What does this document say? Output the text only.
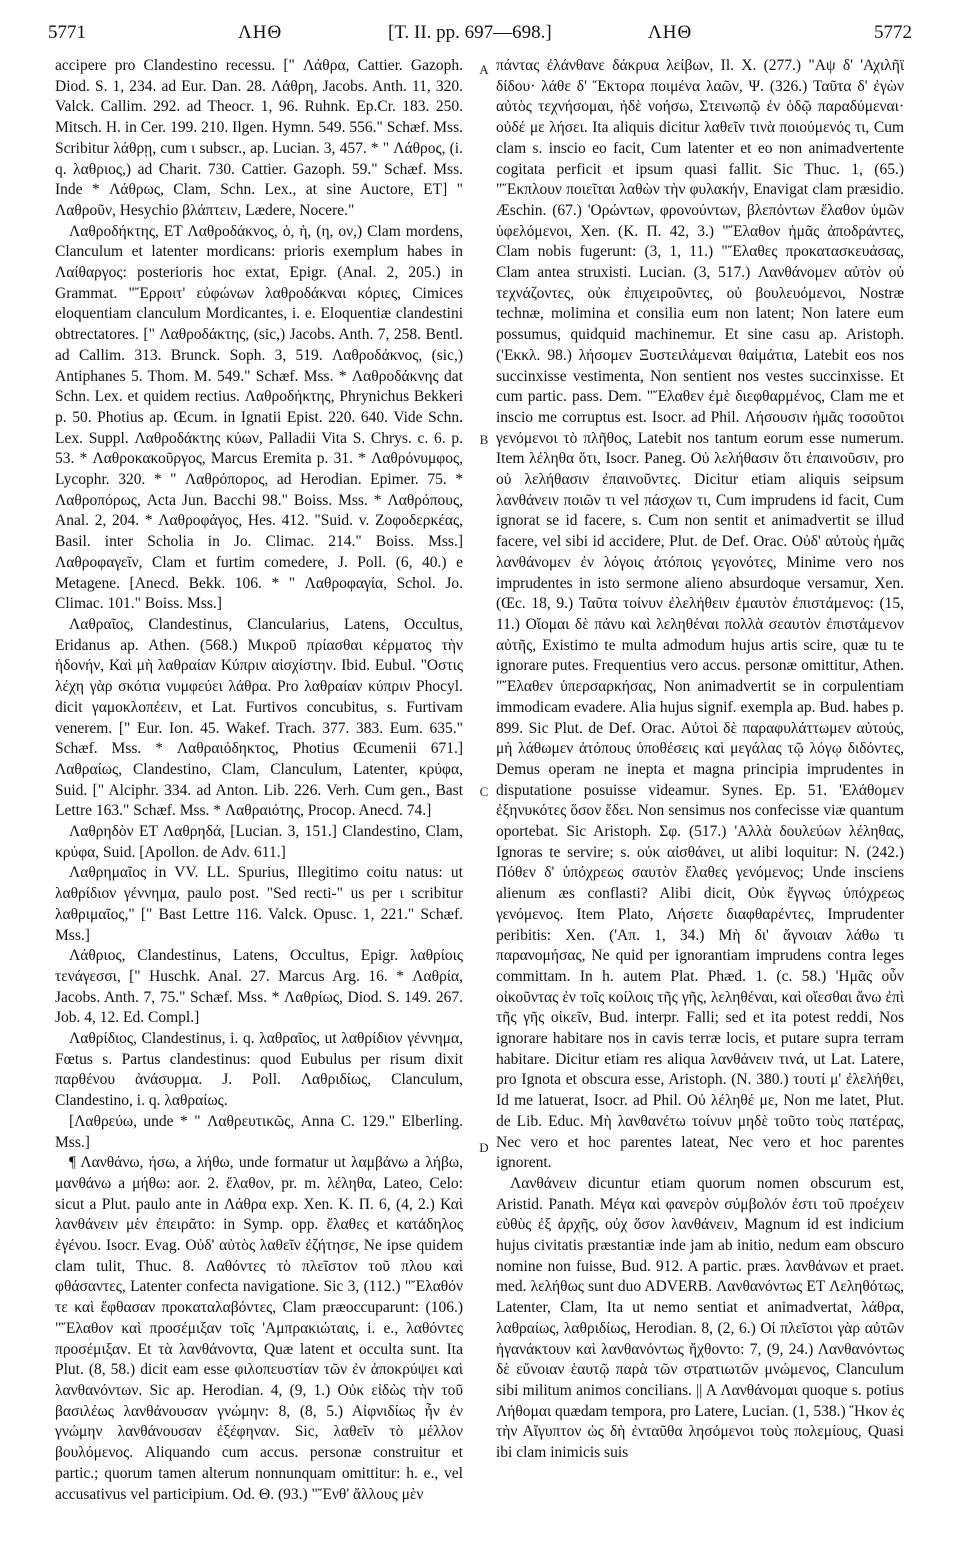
5771	ΛΗΘ	[T. II. pp. 697—698.]	ΛΗΘ	5772

accipere pro Clandestino recessu. [" Λάθρα, Cattier. Gazoph. Diod. S. 1, 234. ad Eur. Dan. 28. Λάθρη, Jacobs. Anth. 11, 320. Valck. Callim. 292. ad Theocr. 1, 96. Ruhnk. Ep.Cr. 183. 250. Mitsch. H. in Cer. 199. 210. Ilgen. Hymn. 549. 556." Schæf. Mss. Scribitur λάθρῃ, cum ι subscr., ap. Lucian. 3, 457. * " Λάθρος, (i. q. λαθριος,) ad Charit. 730. Cattier. Gazoph. 59." Schæf. Mss. Inde * Λάθρως, Clam, Schn. Lex., at sine Auctore, ET] " Λαθροῦν, Hesychio βλάπτειν, Lædere, Nocere."

Λαθροδήκτης, ET Λαθροδάκνος, ὁ, ἡ, (η, ον,) Clam mordens, Clanculum et latenter mordicans: prioris exemplum habes in Λαίθαργος: posterioris hoc extat, Epigr. (Anal. 2, 205.) in Grammat. "Ἔρροιτ' εὐφώνων λαθροδάκναι κόριες, Cimices eloquentiam clanculum Mordicantes, i. e. Eloquentiæ clandestini obtrectatores. [" Λαθροδάκτης, (sic,) Jacobs. Anth. 7, 258. Bentl. ad Callim. 313. Brunck. Soph. 3, 519. Λαθροδάκνος, (sic,) Antiphanes 5. Thom. M. 549." Schæf. Mss. * Λαθροδάκνης dat Schn. Lex. et quidem rectius. Λαθροδήκτης, Phrynichus Bekkeri p. 50. Photius ap. Œcum. in Ignatii Epist. 220. 640. Vide Schn. Lex. Suppl. Λαθροδάκτης κύων, Palladii Vita S. Chrys. c. 6. p. 53. * Λαθροκακοῦργος, Marcus Eremita p. 31. * Λαθρόνυμφος, Lycophr. 320. * " Λαθρόπορος, ad Herodian. Epimer. 75. * Λαθροπόρως, Acta Jun. Bacchi 98." Boiss. Mss. * Λαθρόπους, Anal. 2, 204. * Λαθροφάγος, Hes. 412. "Suid. v. Ζοφοδερκέας, Basil. inter Scholia in Jo. Climac. 214." Boiss. Mss.] Λαθροφαγεῖν, Clam et furtim comedere, J. Poll. (6, 40.) e Metagene. [Anecd. Bekk. 106. * " Λαθροφαγία, Schol. Jo. Climac. 101." Boiss. Mss.]

Λαθραῖος, Clandestinus, Clancularius, Latens, Occultus, Eridanus ap. Athen. (568.) Μικροῦ πρίασθαι κέρματος τὴν ἡδονήν, Καὶ μὴ λαθραίαν Κύπριν αἰσχίστην. Ibid. Eubul. "Οστις λέχη γὰρ σκότια νυμφεύει λάθρα. Pro λαθραίαν κύπριν Phocyl. dicit γαμοκλοπέειν, et Lat. Furtivos concubitus, s. Furtivam venerem. [" Eur. Ion. 45. Wakef. Trach. 377. 383. Eum. 635." Schæf. Mss. * Λαθραιόδηκτος, Photius Œcumenii 671.] Λαθραίως, Clandestino, Clam, Clanculum, Latenter, κρύφα, Suid. [" Alciphr. 334. ad Anton. Lib. 226. Verh. Cum gen., Bast Lettre 163." Schæf. Mss. * Λαθραιότης, Procop. Anecd. 74.]

Λαθρηδὸν ET Λαθρηδά, [Lucian. 3, 151.] Clandestino, Clam, κρύφα, Suid. [Apollon. de Adv. 611.]

Λαθρημαῖος in VV. LL. Spurius, Illegitimo coitu natus: ut λαθρίδιον γέννημα, paulo post. "Sed recti-" us per ι scribitur λαθριμαῖος," [" Bast Lettre 116. Valck. Opusc. 1, 221." Schæf. Mss.]

Λάθριος, Clandestinus, Latens, Occultus, Epigr. λαθρίοις τενάγεσσι, [" Huschk. Anal. 27. Marcus Arg. 16. * Λαθρία, Jacobs. Anth. 7, 75." Schæf. Mss. * Λαθρίως, Diod. S. 149. 267. Job. 4, 12. Ed. Compl.]

Λαθρίδιος, Clandestinus, i. q. λαθραῖος, ut λαθρίδιον γέννημα, Fœtus s. Partus clandestinus: quod Eubulus per risum dixit παρθένου ἀνάσυρμα. J. Poll. Λαθριδίως, Clanculum, Clandestino, i. q. λαθραίως.

[Λαθρεύω, unde * " Λαθρευτικῶς, Anna C. 129." Elberling. Mss.]

¶ Λανθάνω, ήσω, a λήθω, unde formatur ut λαμβάνω a λήβω, μανθάνω a μήθω: aor. 2. ἔλαθον, pr. m. λέληθα, Lateo, Celo: sicut a Plut. paulo ante in Λάθρα exp. Xen. K. Π. 6, (4, 2.) Καὶ λανθάνειν μὲν ἐπειρᾶτο: in Symp. opp. ἔλαθες et κατάδηλος ἐγένου. Isocr. Evag. Οὐδ' αὐτὸς λαθεῖν ἐζήτησε, Ne ipse quidem clam tulit, Thuc. 8. Λαθόντες τὸ πλεῖστον τοῦ πλου καὶ φθάσαντες, Latenter confecta navigatione. Sic 3, (112.) "Ἔλαθόν τε καὶ ἔφθασαν προκαταλαβόντες, Clam præoccuparunt: (106.) "Ἔλαθον καὶ προσέμιξαν τοῖς 'Αμπρακιώταις, i. e., λαθόντες προσέμιξαν. Et τὰ λανθάνοντα, Quæ latent et occulta sunt. Ita Plut. (8, 58.) dicit eam esse φιλοπευστίαν τῶν ἐν ἀποκρύψει καὶ λανθανόντων. Sic ap. Herodian. 4, (9, 1.) Οὐκ εἰδὼς τὴν τοῦ βασιλέως λανθάνουσαν γνώμην: 8, (8, 5.) Αἰφνιδίως ἦν ἐν γνώμην λανθάνουσαν ἐξέφηναν. Sic, λαθεῖν τὸ μέλλον βουλόμενος. Aliquando cum accus. personæ construitur et partic.; quorum tamen alterum nonnunquam omittitur: h. e., vel accusativus vel participium. Od. Θ. (93.) "Ἔνθ' ἄλλους μὲν

A
B
C
D

πάντας ἐλάνθανε δάκρυα λείβων, Il. X. (277.) "Αψ δ' 'Αχιλῆϊ δίδου· λάθε δ' Ἕκτορα ποιμένα λαῶν, Ψ. (326.) Ταῦτα δ' ἐγὼν αὐτὸς τεχνήσομαι, ἠδὲ νοήσω, Στεινωπῷ ἐν ὁδῷ παραδύμεναι· οὐδέ με λήσει. Ita aliquis dicitur λαθεῖν τινὰ ποιούμενός τι, Cum clam s. inscio eo facit, Cum latenter et eo non animadvertente cogitata perficit et ipsum quasi fallit. Sic Thuc. 1, (65.) "Ἔκπλουν ποιεῖται λαθὼν τὴν φυλακήν, Enavigat clam præsidio. Æschin. (67.) 'Ορώντων, φρονούντων, βλεπόντων ἔλαθον ὑμῶν ὑφελόμενοι, Xen. (K. Π. 42, 3.) "Ἔλαθον ἡμᾶς ἀποδράντες, Clam nobis fugerunt: (3, 1, 11.) "Ἔλαθες προκατασκευάσας, Clam antea struxisti. Lucian. (3, 517.) Λανθάνομεν αὐτὸν οὐ τεχνάζοντες, οὐκ ἐπιχειροῦντες, οὐ βουλευόμενοι, Nostræ technæ, molimina et consilia eum non latent; Non latere eum possumus, quidquid machinemur. Et sine casu ap. Aristoph. ('Εκκλ. 98.) λήσομεν Ξυστειλάμεναι θαἰμάτια, Latebit eos nos succinxisse vestimenta, Non sentient nos vestes succinxisse. Et cum partic. pass. Dem. "Ἔλαθεν ἐμὲ διεφθαρμένος, Clam me et inscio me corruptus est. Isocr. ad Phil. Λήσουσιν ἡμᾶς τοσοῦτοι γενόμενοι τὸ πλῆθος, Latebit nos tantum eorum esse numerum. Item λέληθα ὅτι, Isocr. Paneg. Οὐ λελήθασιν ὅτι ἐπαινοῦσιν, pro οὐ λελήθασιν ἐπαινοῦντες. Dicitur etiam aliquis seipsum λανθάνειν ποιῶν τι vel πάσχων τι, Cum imprudens id facit, Cum ignorat se id facere, s. Cum non sentit et animadvertit se illud facere, vel sibi id accidere, Plut. de Def. Orac. Οὐδ' αὐτοὺς ἡμᾶς λανθάνομεν ἐν λόγοις ἀτόποις γεγονότες, Minime vero nos imprudentes in isto sermone alieno absurdoque versamur, Xen. (Œc. 18, 9.) Ταῦτα τοίνυν ἐλελήθειν ἐμαυτὸν ἐπιστάμενος: (15, 11.) Οἴομαι δὲ πάνυ καὶ λεληθέναι πολλὰ σεαυτὸν ἐπιστάμενον αὐτῆς, Existimo te multa admodum hujus artis scire, quæ tu te ignorare putes. Frequentius vero accus. personæ omittitur, Athen. "Ἔλαθεν ὑπερσαρκήσας, Non animadvertit se in corpulentiam immodicam evadere. Alia hujus signif. exempla ap. Bud. habes p. 899. Sic Plut. de Def. Orac. Αὐτοὶ δὲ παραφυλάττωμεν αὐτούς, μὴ λάθωμεν ἀτόπους ὑποθέσεις καὶ μεγάλας τῷ λόγῳ διδόντες, Demus operam ne inepta et magna principia imprudentes in disputatione posuisse videamur. Synes. Ep. 51. 'Ελάθομεν ἐξηνυκότες ὅσον ἔδει. Non sensimus nos confecisse viæ quantum oportebat. Sic Aristoph. Σφ. (517.) 'Αλλὰ δουλεύων λέληθας, Ignoras te servire; s. οὐκ αἰσθάνει, ut alibi loquitur: N. (242.) Πόθεν δ' ὑπόχρεως σαυτὸν ἔλαθες γενόμενος; Unde insciens alienum æs conflasti? Alibi dicit, Οὐκ ἔγγνως ὑπόχρεως γενόμενος. Item Plato, Λήσετε διαφθαρέντες, Imprudenter peribitis: Xen. ('Απ. 1, 34.) Μὴ δι' ἄγνοιαν λάθω τι παρανομήσας, Ne quid per ignorantiam imprudens contra leges committam. In h. autem Plat. Phæd. 1. (c. 58.) 'Ημᾶς οὖν οἰκοῦντας ἐν τοῖς κοίλοις τῆς γῆς, λεληθέναι, καὶ οἴεσθαι ἄνω ἐπὶ τῆς γῆς οἰκεῖν, Bud. interpr. Falli; sed et ita potest reddi, Nos ignorare habitare nos in cavis terræ locis, et putare supra terram habitare. Dicitur etiam res aliqua λανθάνειν τινά, ut Lat. Latere, pro Ignota et obscura esse, Aristoph. (N. 380.) τουτί μ' ἐλελήθει, Id me latuerat, Isocr. ad Phil. Οὐ λέληθέ με, Non me latet, Plut. de Lib. Educ. Μὴ λανθανέτω τοίνυν μηδὲ τοῦτο τοὺς πατέρας, Nec vero et hoc parentes lateat, Nec vero et hoc parentes ignorent.

Λανθάνειν dicuntur etiam quorum nomen obscurum est, Aristid. Panath. Μέγα καὶ φανερὸν σύμβολόν ἐστι τοῦ προέχειν εὐθὺς ἐξ ἀρχῆς, οὐχ ὅσον λανθάνειν, Magnum id est indicium hujus civitatis præstantiæ inde jam ab initio, nedum eam obscuro nomine non fuisse, Bud. 912. A partic. præs. λανθάνων et praet. med. λελήθως sunt duo ADVERB. Λανθανόντως ET Λεληθότως, Latenter, Clam, Ita ut nemo sentiat et animadvertat, λάθρα, λαθραίως, λαθριδίως, Herodian. 8, (2, 6.) Οἱ πλεῖστοι γὰρ αὐτῶν ἠγανάκτουν καὶ λανθανόντως ἤχθοντο: 7, (9, 24.) Λανθανόντως δὲ εὔνοιαν ἑαυτῷ παρὰ τῶν στρατιωτῶν μνώμενος, Clanculum sibi militum animos concilians. || A Λανθάνομαι quoque s. potius Λήθομαι quædam tempora, pro Latere, Lucian. (1, 538.) Ἥκον ἐς τὴν Αἴγυπτον ὡς δὴ ἐνταῦθα λησόμενοι τοὺς πολεμίους, Quasi ibi clam inimicis suis
